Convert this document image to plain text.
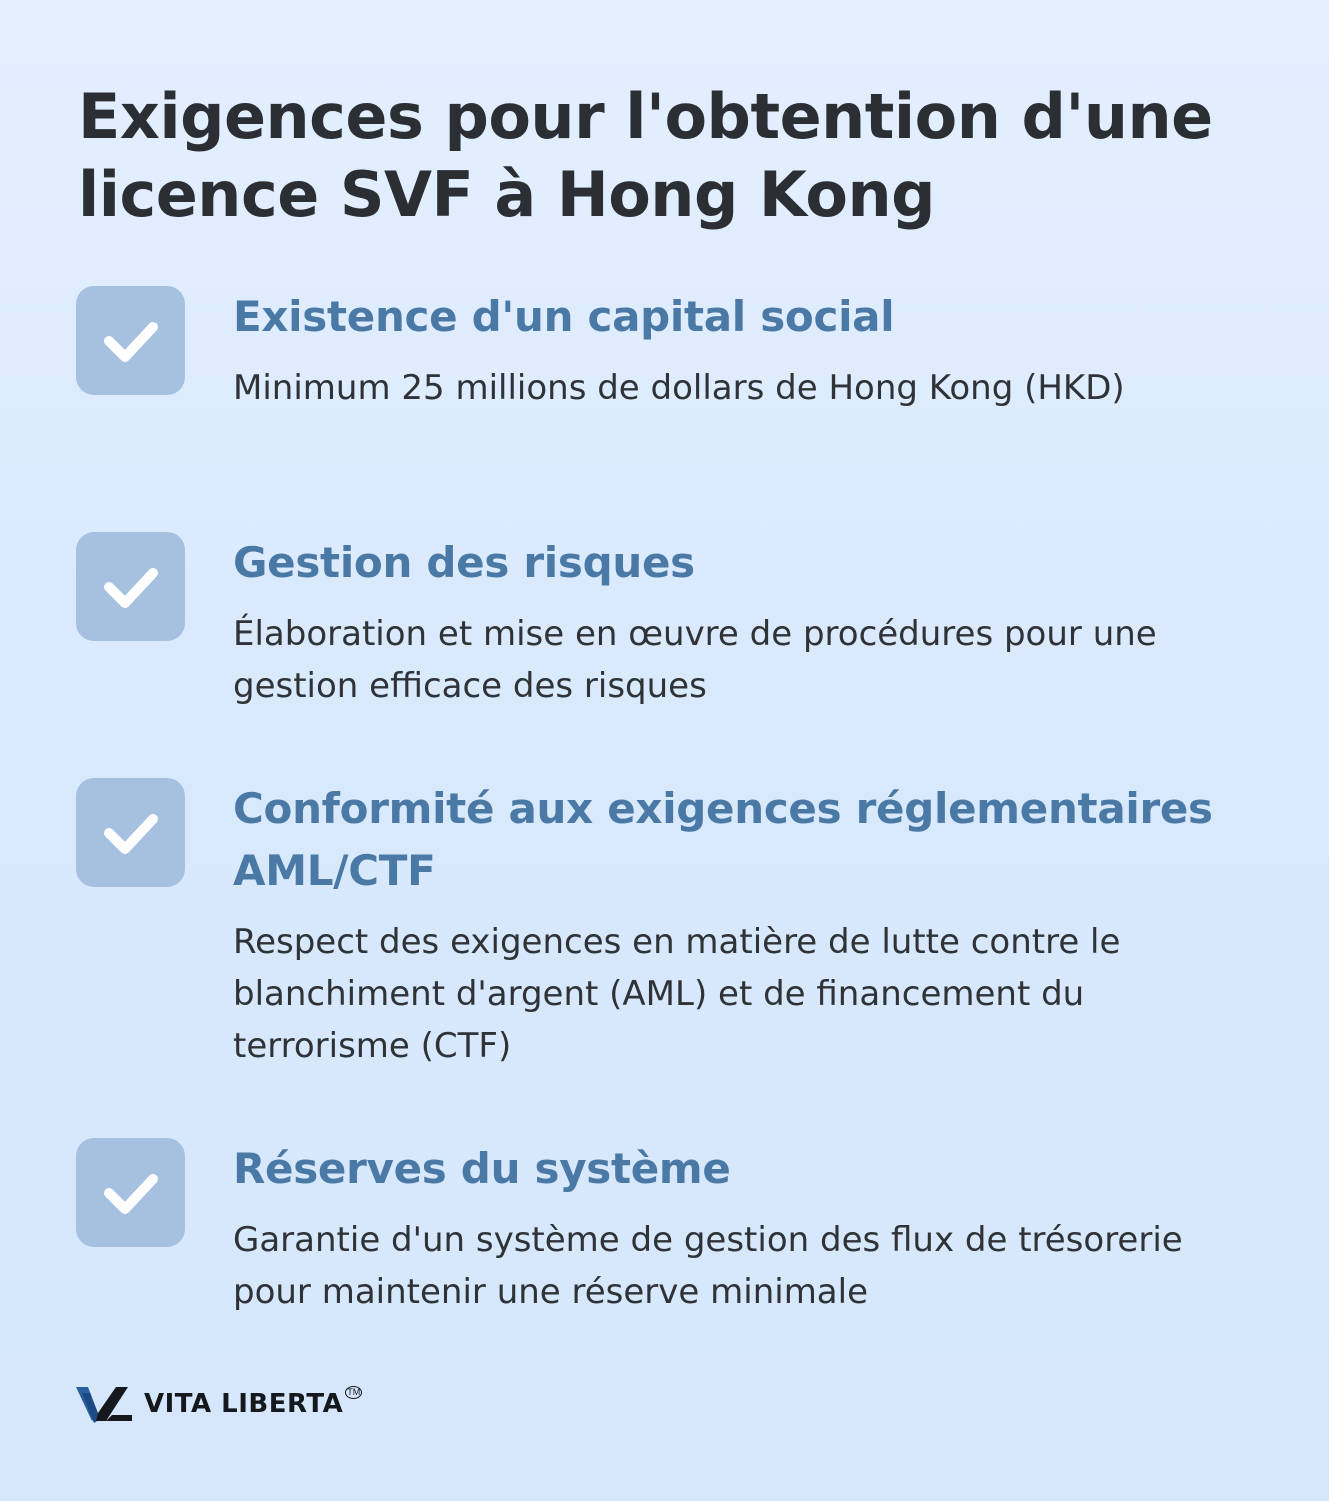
Exigences pour l'obtention d'une licence SVF à Hong Kong
Existence d'un capital social

Minimum 25 millions de dollars de Hong Kong (HKD)

Gestion des risques

Élaboration et mise en œuvre de procédures pour une gestion efficace des risques

Conformité aux exigences réglementaires AML/CTF

Respect des exigences en matière de lutte contre le blanchiment d'argent (AML) et de financement du terrorisme (CTF)

Réserves du système

Garantie d'un système de gestion des flux de trésorerie pour maintenir une réserve minimale

VITA LIBERTA TM
